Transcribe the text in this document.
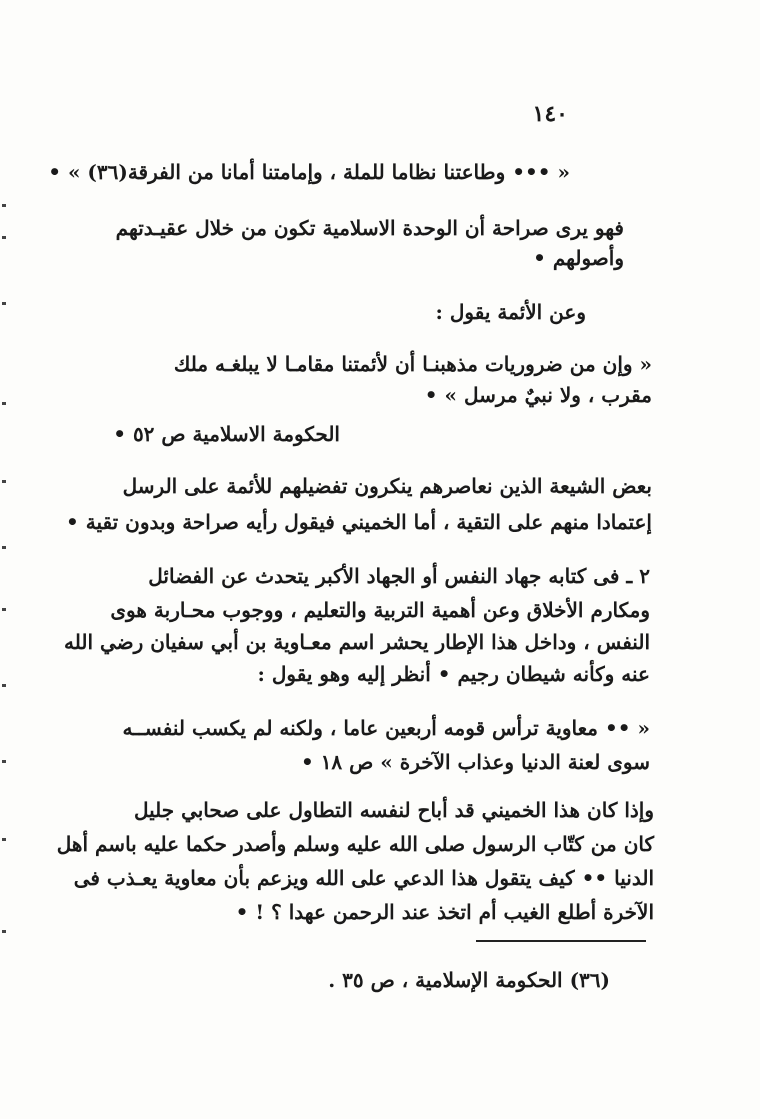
١٤٠
« ••• وطاعتنا نظاما للملة ، وإمامتنا أمانا من الفرقة(٣٦) » •
فهو يرى صراحة أن الوحدة الاسلامية تكون من خلال عقيـدتهم
وأصولهم •
وعن الأئمة يقول :
« وإن من ضروريات مذهبنـا أن لأئمتنا مقامـا لا يبلغـه ملك
مقرب ، ولا نبيٌ مرسل » •
الحكومة الاسلامية ص ٥٢ •
بعض الشيعة الذين نعاصرهم ينكرون تفضيلهم للأئمة على الرسل
إعتمادا منهم على التقية ، أما الخميني فيقول رأيه صراحة وبدون تقية •
٢ ـ فى كتابه جهاد النفس أو الجهاد الأكبر يتحدث عن الفضائل
ومكارم الأخلاق وعن أهمية التربية والتعليم ، ووجوب محـاربة هوى
النفس ، وداخل هذا الإطار يحشر اسم معـاوية بن أبي سفيان رضي الله
عنه وكأنه شيطان رجيم • أنظر إليه وهو يقول :
« •• معاوية ترأس قومه أربعين عاما ، ولكنه لم يكسب لنفســه
سوى لعنة الدنيا وعذاب الآخرة » ص ١٨ •
وإذا كان هذا الخميني قد أباح لنفسه التطاول على صحابي جليل
كان من كتّاب الرسول صلى الله عليه وسلم وأصدر حكما عليه باسم أهل
الدنيا •• كيف يتقول هذا الدعي على الله ويزعم بأن معاوية يعـذب فى
الآخرة أطلع الغيب أم اتخذ عند الرحمن عهدا ؟ ! •
(٣٦) الحكومة الإسلامية ، ص ٣٥ .
